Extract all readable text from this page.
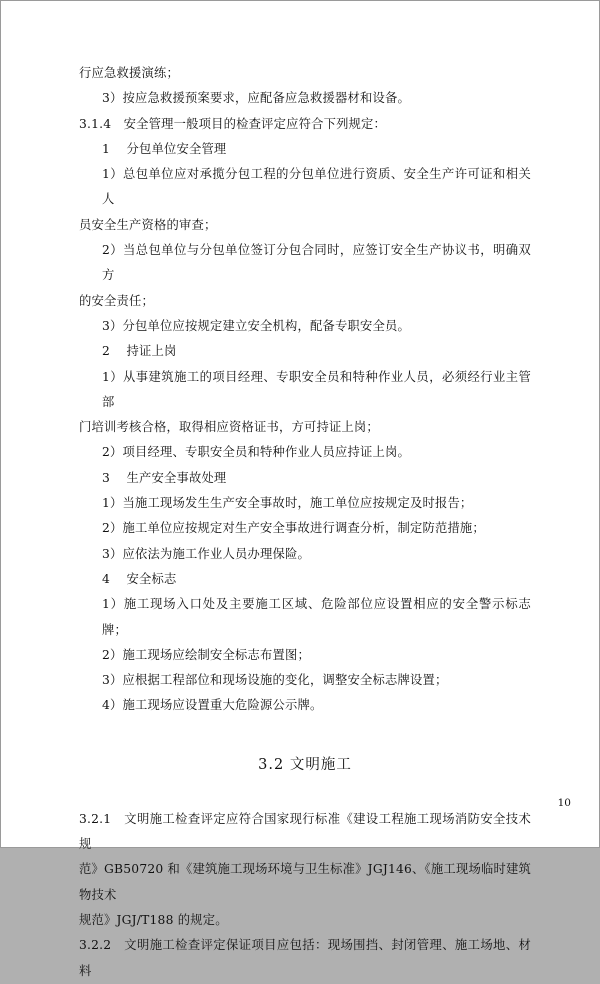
行应急救援演练；
3）按应急救援预案要求，应配备应急救援器材和设备。
3.1.4   安全管理一般项目的检查评定应符合下列规定：
1    分包单位安全管理
1）总包单位应对承揽分包工程的分包单位进行资质、安全生产许可证和相关人
员安全生产资格的审查；
2）当总包单位与分包单位签订分包合同时，应签订安全生产协议书，明确双方
的安全责任；
3）分包单位应按规定建立安全机构，配备专职安全员。
2    持证上岗
1）从事建筑施工的项目经理、专职安全员和特种作业人员，必须经行业主管部
门培训考核合格，取得相应资格证书，方可持证上岗；
2）项目经理、专职安全员和特种作业人员应持证上岗。
3    生产安全事故处理
1）当施工现场发生生产安全事故时，施工单位应按规定及时报告；
2）施工单位应按规定对生产安全事故进行调查分析，制定防范措施；
3）应依法为施工作业人员办理保险。
4    安全标志
1）施工现场入口处及主要施工区域、危险部位应设置相应的安全警示标志牌；
2）施工现场应绘制安全标志布置图；
3）应根据工程部位和现场设施的变化，调整安全标志牌设置；
4）施工现场应设置重大危险源公示牌。
3.2 文明施工
3.2.1   文明施工检查评定应符合国家现行标准《建设工程施工现场消防安全技术规
范》GB50720 和《建筑施工现场环境与卫生标准》JGJ146、《施工现场临时建筑物技术
规范》JGJ/T188 的规定。
3.2.2   文明施工检查评定保证项目应包括：现场围挡、封闭管理、施工场地、材料
10
